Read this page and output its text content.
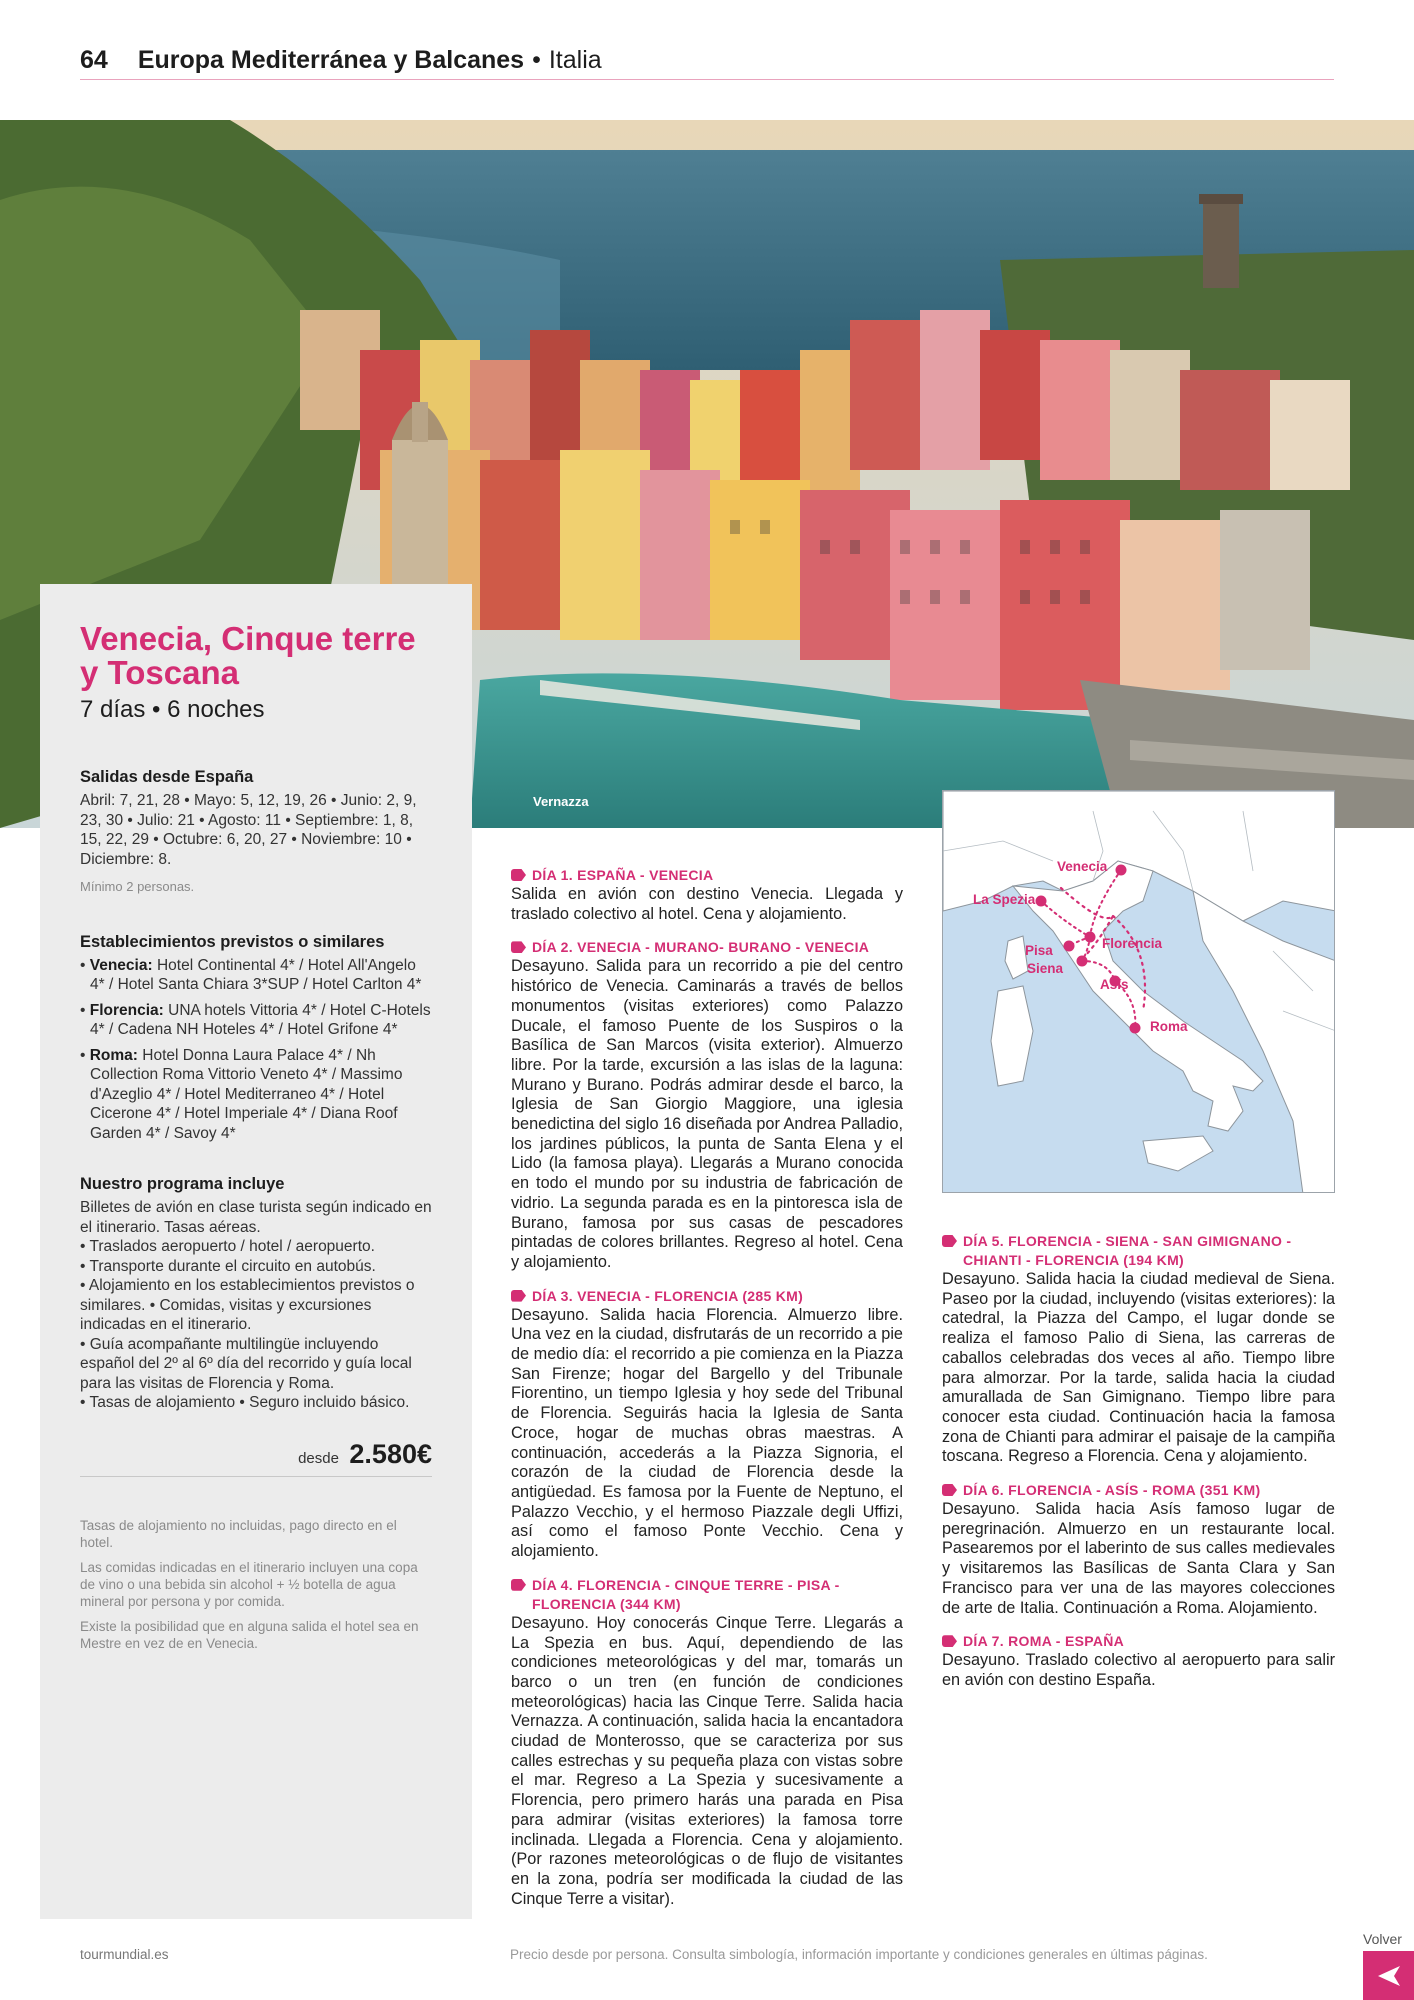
64 Europa Mediterránea y Balcanes • Italia
Vernazza
Venecia, Cinque terre y Toscana
7 días • 6 noches
Salidas desde España

Abril: 7, 21, 28 • Mayo: 5, 12, 19, 26 • Junio: 2, 9, 23, 30 • Julio: 21 • Agosto: 11 • Septiembre: 1, 8, 15, 22, 29 • Octubre: 6, 20, 27 • Noviembre: 10 • Diciembre: 8.

Mínimo 2 personas.

Establecimientos previstos o similares
• Venecia: Hotel Continental 4* / Hotel All'Angelo 4* / Hotel Santa Chiara 3*SUP / Hotel Carlton 4*
• Florencia: UNA hotels Vittoria 4* / Hotel C-Hotels 4* / Cadena NH Hoteles 4* / Hotel Grifone 4*
• Roma: Hotel Donna Laura Palace 4* / Nh Collection Roma Vittorio Veneto 4* / Massimo d'Azeglio 4* / Hotel Mediterraneo 4* / Hotel Cicerone 4* / Hotel Imperiale 4* / Diana Roof Garden 4* / Savoy 4*
Nuestro programa incluye

Billetes de avión en clase turista según indicado en el itinerario. Tasas aéreas.

• Traslados aeropuerto / hotel / aeropuerto.

• Transporte durante el circuito en autobús.

• Alojamiento en los establecimientos previstos o similares. • Comidas, visitas y excursiones indicadas en el itinerario.

• Guía acompañante multilingüe incluyendo español del 2º al 6º día del recorrido y guía local para las visitas de Florencia y Roma.

• Tasas de alojamiento • Seguro incluido básico.

desde 2.580€

Tasas de alojamiento no incluidas, pago directo en el hotel.

Las comidas indicadas en el itinerario incluyen una copa de vino o una bebida sin alcohol + ½ botella de agua mineral por persona y por comida.

Existe la posibilidad que en alguna salida el hotel sea en Mestre en vez de en Venecia.

DÍA 1. ESPAÑA - VENECIA

Salida en avión con destino Venecia. Llegada y traslado colectivo al hotel. Cena y alojamiento.

DÍA 2. VENECIA - MURANO- BURANO - VENECIA

Desayuno. Salida para un recorrido a pie del centro histórico de Venecia. Caminarás a través de bellos monumentos (visitas exteriores) como Palazzo Ducale, el famoso Puente de los Suspiros o la Basílica de San Marcos (visita exterior). Almuerzo libre. Por la tarde, excursión a las islas de la laguna: Murano y Burano. Podrás admirar desde el barco, la Iglesia de San Giorgio Maggiore, una iglesia benedictina del siglo 16 diseñada por Andrea Palladio, los jardines públicos, la punta de Santa Elena y el Lido (la famosa playa). Llegarás a Murano conocida en todo el mundo por su industria de fabricación de vidrio. La segunda parada es en la pintoresca isla de Burano, famosa por sus casas de pescadores pintadas de colores brillantes. Regreso al hotel. Cena y alojamiento.

DÍA 3. VENECIA - FLORENCIA (285 KM)

Desayuno. Salida hacia Florencia. Almuerzo libre. Una vez en la ciudad, disfrutarás de un recorrido a pie de medio día: el recorrido a pie comienza en la Piazza San Firenze; hogar del Bargello y del Tribunale Fiorentino, un tiempo Iglesia y hoy sede del Tribunal de Florencia. Seguirás hacia la Iglesia de Santa Croce, hogar de muchas obras maestras. A continuación, accederás a la Piazza Signoria, el corazón de la ciudad de Florencia desde la antigüedad. Es famosa por la Fuente de Neptuno, el Palazzo Vecchio, y el hermoso Piazzale degli Uffizi, así como el famoso Ponte Vecchio. Cena y alojamiento.

DÍA 4. FLORENCIA - CINQUE TERRE - PISA - FLORENCIA (344 KM)

Desayuno. Hoy conocerás Cinque Terre. Llegarás a La Spezia en bus. Aquí, dependiendo de las condiciones meteorológicas y del mar, tomarás un barco o un tren (en función de condiciones meteorológicas) hacia las Cinque Terre. Salida hacia Vernazza. A continuación, salida hacia la encantadora ciudad de Monterosso, que se caracteriza por sus calles estrechas y su pequeña plaza con vistas sobre el mar. Regreso a La Spezia y sucesivamente a Florencia, pero primero harás una parada en Pisa para admirar (visitas exteriores) la famosa torre inclinada. Llegada a Florencia. Cena y alojamiento. (Por razones meteorológicas o de flujo de visitantes en la zona, podría ser modificada la ciudad de las Cinque Terre a visitar).

Venecia
La Spezia
Florencia
Pisa
Siena
Asís
Roma
DÍA 5. FLORENCIA - SIENA - SAN GIMIGNANO - CHIANTI - FLORENCIA (194 KM)

Desayuno. Salida hacia la ciudad medieval de Siena. Paseo por la ciudad, incluyendo (visitas exteriores): la catedral, la Piazza del Campo, el lugar donde se realiza el famoso Palio di Siena, las carreras de caballos celebradas dos veces al año. Tiempo libre para almorzar. Por la tarde, salida hacia la ciudad amurallada de San Gimignano. Tiempo libre para conocer esta ciudad. Continuación hacia la famosa zona de Chianti para admirar el paisaje de la campiña toscana. Regreso a Florencia. Cena y alojamiento.

DÍA 6. FLORENCIA - ASÍS - ROMA (351 KM)

Desayuno. Salida hacia Asís famoso lugar de peregrinación. Almuerzo en un restaurante local. Pasearemos por el laberinto de sus calles medievales y visitaremos las Basílicas de Santa Clara y San Francisco para ver una de las mayores colecciones de arte de Italia. Continuación a Roma. Alojamiento.

DÍA 7. ROMA - ESPAÑA

Desayuno. Traslado colectivo al aeropuerto para salir en avión con destino España.

tourmundial.es	Precio desde por persona. Consulta simbología, información importante y condiciones generales en últimas páginas.
Volver
